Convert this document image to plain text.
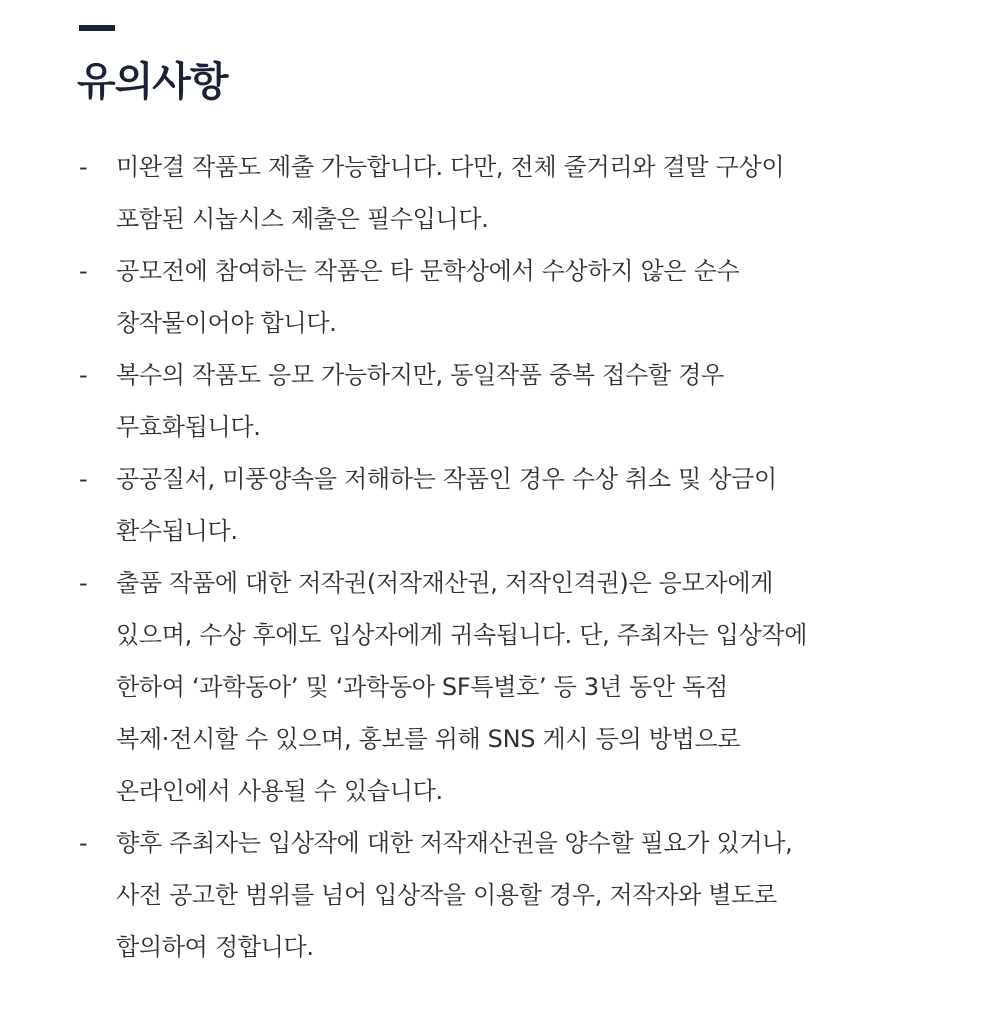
유의사항
- 미완결 작품도 제출 가능합니다. 다만, 전체 줄거리와 결말 구상이
포함된 시놉시스 제출은 필수입니다.
- 공모전에 참여하는 작품은 타 문학상에서 수상하지 않은 순수
창작물이어야 합니다.
- 복수의 작품도 응모 가능하지만, 동일작품 중복 접수할 경우
무효화됩니다.
- 공공질서, 미풍양속을 저해하는 작품인 경우 수상 취소 및 상금이
환수됩니다.
- 출품 작품에 대한 저작권(저작재산권, 저작인격권)은 응모자에게
있으며, 수상 후에도 입상자에게 귀속됩니다. 단, 주최자는 입상작에
한하여 ‘과학동아’ 및 ‘과학동아 SF특별호’ 등 3년 동안 독점
복제·전시할 수 있으며, 홍보를 위해 SNS 게시 등의 방법으로
온라인에서 사용될 수 있습니다.
- 향후 주최자는 입상작에 대한 저작재산권을 양수할 필요가 있거나,
사전 공고한 범위를 넘어 입상작을 이용할 경우, 저작자와 별도로
합의하여 정합니다.
